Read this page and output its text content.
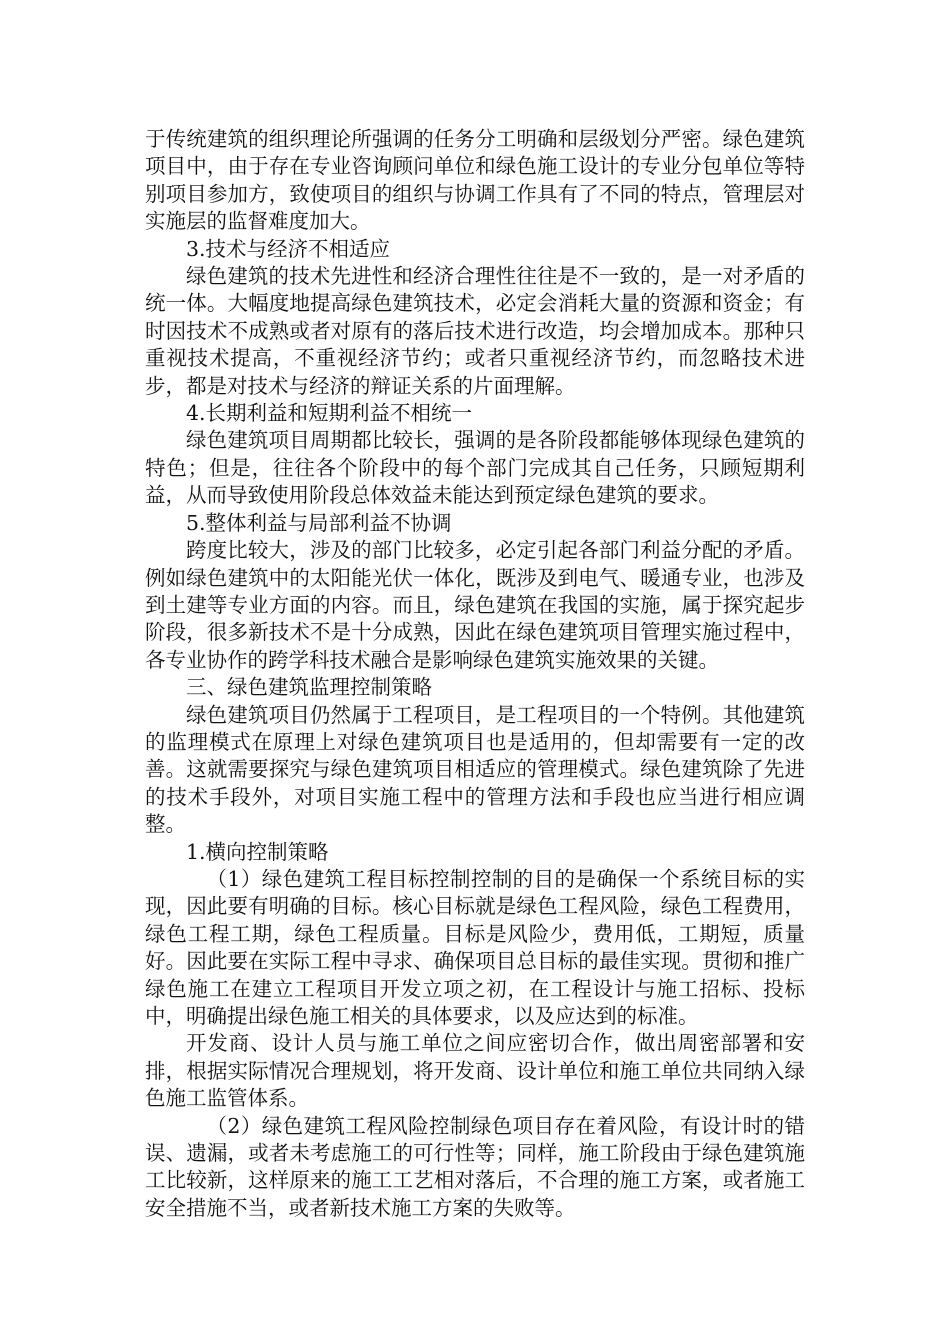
于传统建筑的组织理论所强调的任务分工明确和层级划分严密。绿色建筑项目中，由于存在专业咨询顾问单位和绿色施工设计的专业分包单位等特别项目参加方，致使项目的组织与协调工作具有了不同的特点，管理层对实施层的监督难度加大。

3.技术与经济不相适应

绿色建筑的技术先进性和经济合理性往往是不一致的，是一对矛盾的统一体。大幅度地提高绿色建筑技术，必定会消耗大量的资源和资金；有时因技术不成熟或者对原有的落后技术进行改造，均会增加成本。那种只重视技术提高，不重视经济节约；或者只重视经济节约，而忽略技术进步，都是对技术与经济的辩证关系的片面理解。

4.长期利益和短期利益不相统一

绿色建筑项目周期都比较长，强调的是各阶段都能够体现绿色建筑的特色；但是，往往各个阶段中的每个部门完成其自己任务，只顾短期利益，从而导致使用阶段总体效益未能达到预定绿色建筑的要求。

5.整体利益与局部利益不协调

跨度比较大，涉及的部门比较多，必定引起各部门利益分配的矛盾。例如绿色建筑中的太阳能光伏一体化，既涉及到电气、暖通专业，也涉及到土建等专业方面的内容。而且，绿色建筑在我国的实施，属于探究起步阶段，很多新技术不是十分成熟，因此在绿色建筑项目管理实施过程中，各专业协作的跨学科技术融合是影响绿色建筑实施效果的关键。

三、绿色建筑监理控制策略

绿色建筑项目仍然属于工程项目，是工程项目的一个特例。其他建筑的监理模式在原理上对绿色建筑项目也是适用的，但却需要有一定的改善。这就需要探究与绿色建筑项目相适应的管理模式。绿色建筑除了先进的技术手段外，对项目实施工程中的管理方法和手段也应当进行相应调整。

1.横向控制策略

（1）绿色建筑工程目标控制控制的目的是确保一个系统目标的实现，因此要有明确的目标。核心目标就是绿色工程风险，绿色工程费用，绿色工程工期，绿色工程质量。目标是风险少，费用低，工期短，质量好。因此要在实际工程中寻求、确保项目总目标的最佳实现。贯彻和推广绿色施工在建立工程项目开发立项之初，在工程设计与施工招标、投标中，明确提出绿色施工相关的具体要求，以及应达到的标准。

开发商、设计人员与施工单位之间应密切合作，做出周密部署和安排，根据实际情况合理规划，将开发商、设计单位和施工单位共同纳入绿色施工监管体系。

（2）绿色建筑工程风险控制绿色项目存在着风险，有设计时的错误、遗漏，或者未考虑施工的可行性等；同样，施工阶段由于绿色建筑施工比较新，这样原来的施工工艺相对落后，不合理的施工方案，或者施工安全措施不当，或者新技术施工方案的失败等。
